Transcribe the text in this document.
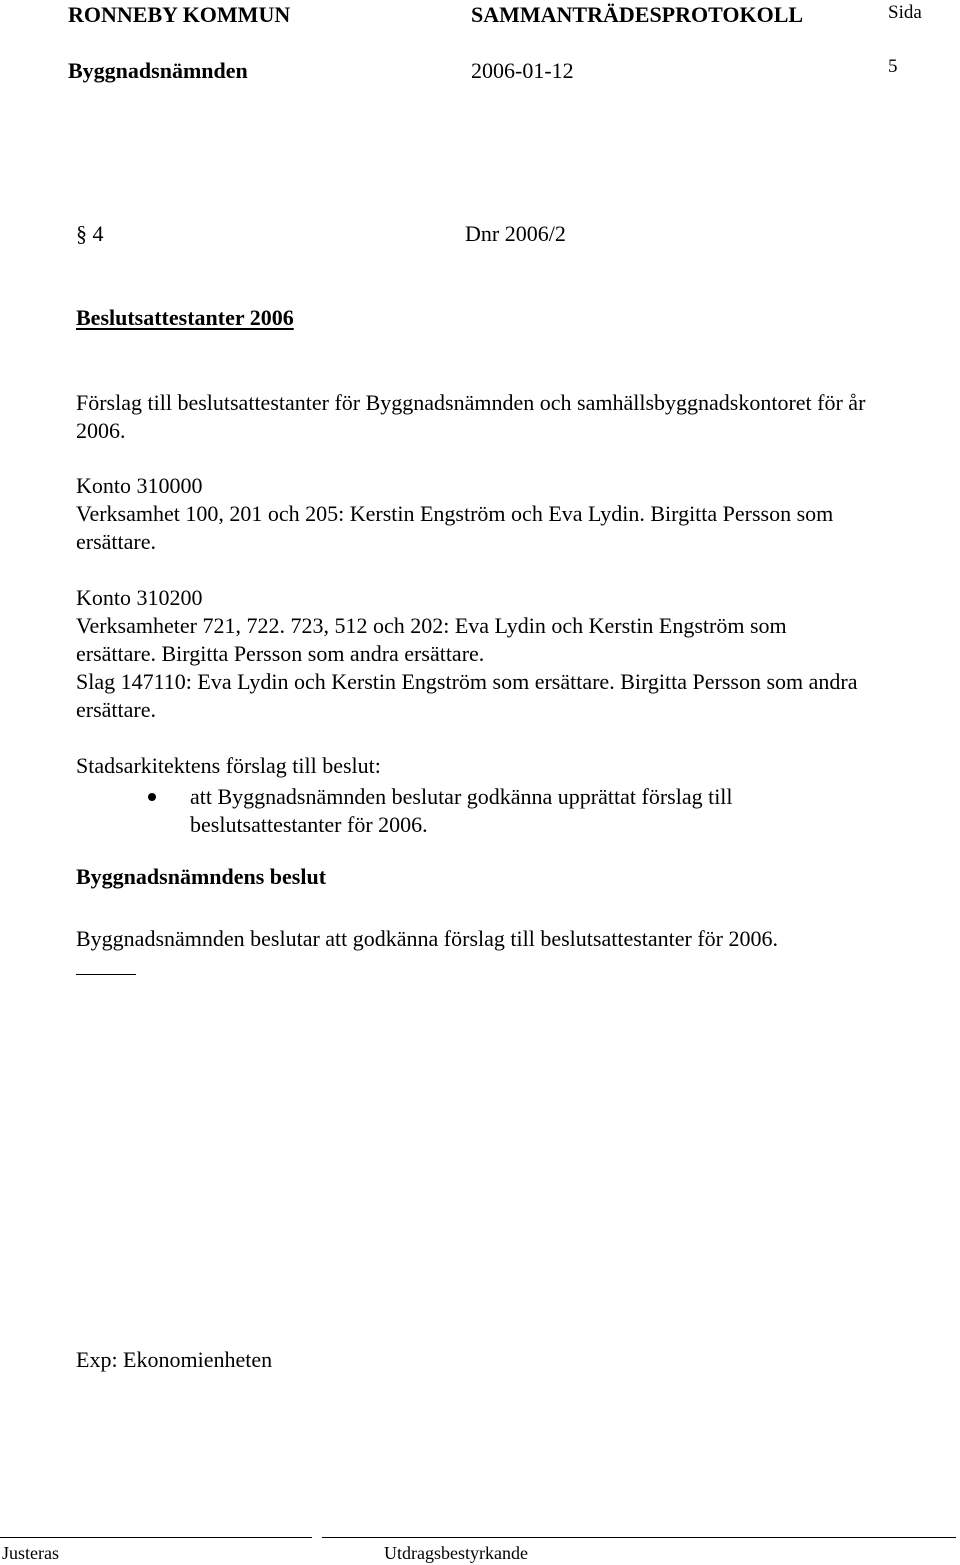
RONNEBY KOMMUN	SAMMANTRÄDESPROTOKOLL	Sida
Byggnadsnämnden	2006-01-12	5
§ 4	Dnr 2006/2
Beslutsattestanter 2006
Förslag till beslutsattestanter för Byggnadsnämnden och samhällsbyggnadskontoret för år
2006.
Konto 310000
Verksamhet 100, 201 och 205: Kerstin Engström och Eva Lydin. Birgitta Persson som
ersättare.
Konto 310200
Verksamheter 721, 722. 723, 512 och 202: Eva Lydin och Kerstin Engström som
ersättare. Birgitta Persson som andra ersättare.
Slag 147110: Eva Lydin och Kerstin Engström som ersättare. Birgitta Persson som andra
ersättare.
Stadsarkitektens förslag till beslut:
att Byggnadsnämnden beslutar godkänna upprättat förslag till
beslutsattestanter för 2006.
Byggnadsnämndens beslut
Byggnadsnämnden beslutar att godkänna förslag till beslutsattestanter för 2006.
Exp: Ekonomienheten
Justeras	Utdragsbestyrkande
